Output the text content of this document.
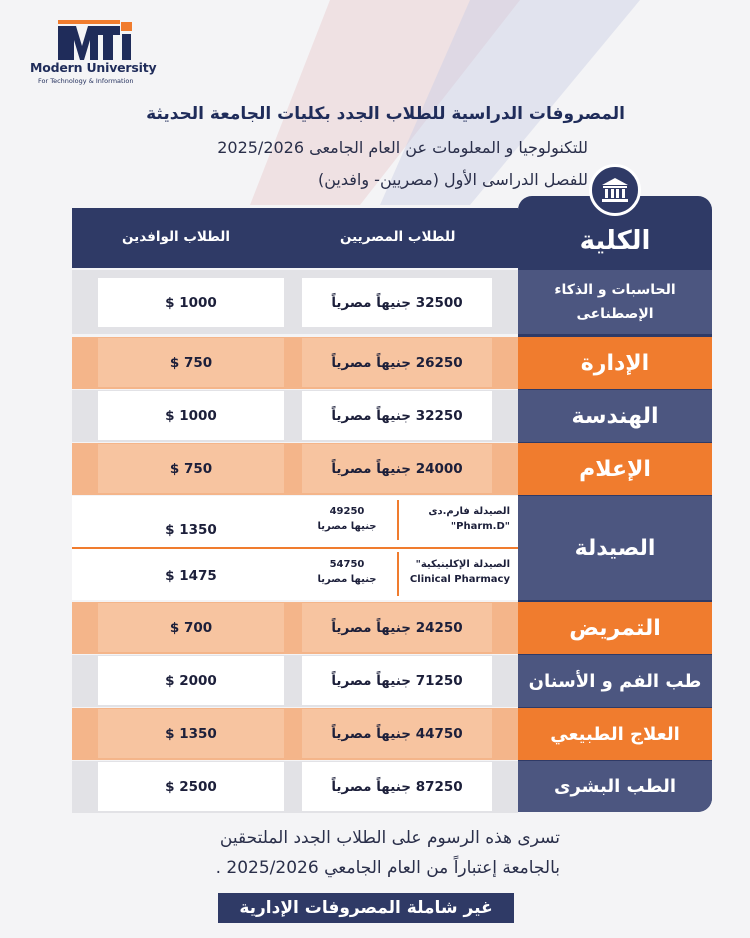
Modern University
For Technology & Information
المصروفات الدراسية للطلاب الجدد بكليات الجامعة الحديثة
للتكنولوجيا و المعلومات عن العام الجامعى 2025/2026
للفصل الدراسى الأول (مصريين- وافدين)
الطلاب الوافدين	للطلاب المصريين	الكلية
الحاسبات و الذكاء الإصطناعى
32500 جنيهاً مصرياً
$ 1000
الإدارة
26250 جنيهاً مصرياً
$ 750
الهندسة
32250 جنيهاً مصرياً
$ 1000
الإعلام
24000 جنيهاً مصرياً
$ 750
الصيدلة
الصيدلة فارم.دى
"Pharm.D"
49250
جنيها مصريا
$ 1350
الصيدلة الإكلينيكية"
Clinical Pharmacy
54750
جنيها مصريا
$ 1475
التمريض
24250 جنيهاً مصرياً
$ 700
طب الفم و الأسنان
71250 جنيهاً مصرياً
$ 2000
العلاج الطبيعي
44750 جنيهاً مصرياً
$ 1350
الطب البشرى
87250 جنيهاً مصرياً
$ 2500
تسرى هذه الرسوم على الطلاب الجدد الملتحقين
بالجامعة إعتباراً من العام الجامعي 2025/2026 .
غير شاملة المصروفات الإدارية
